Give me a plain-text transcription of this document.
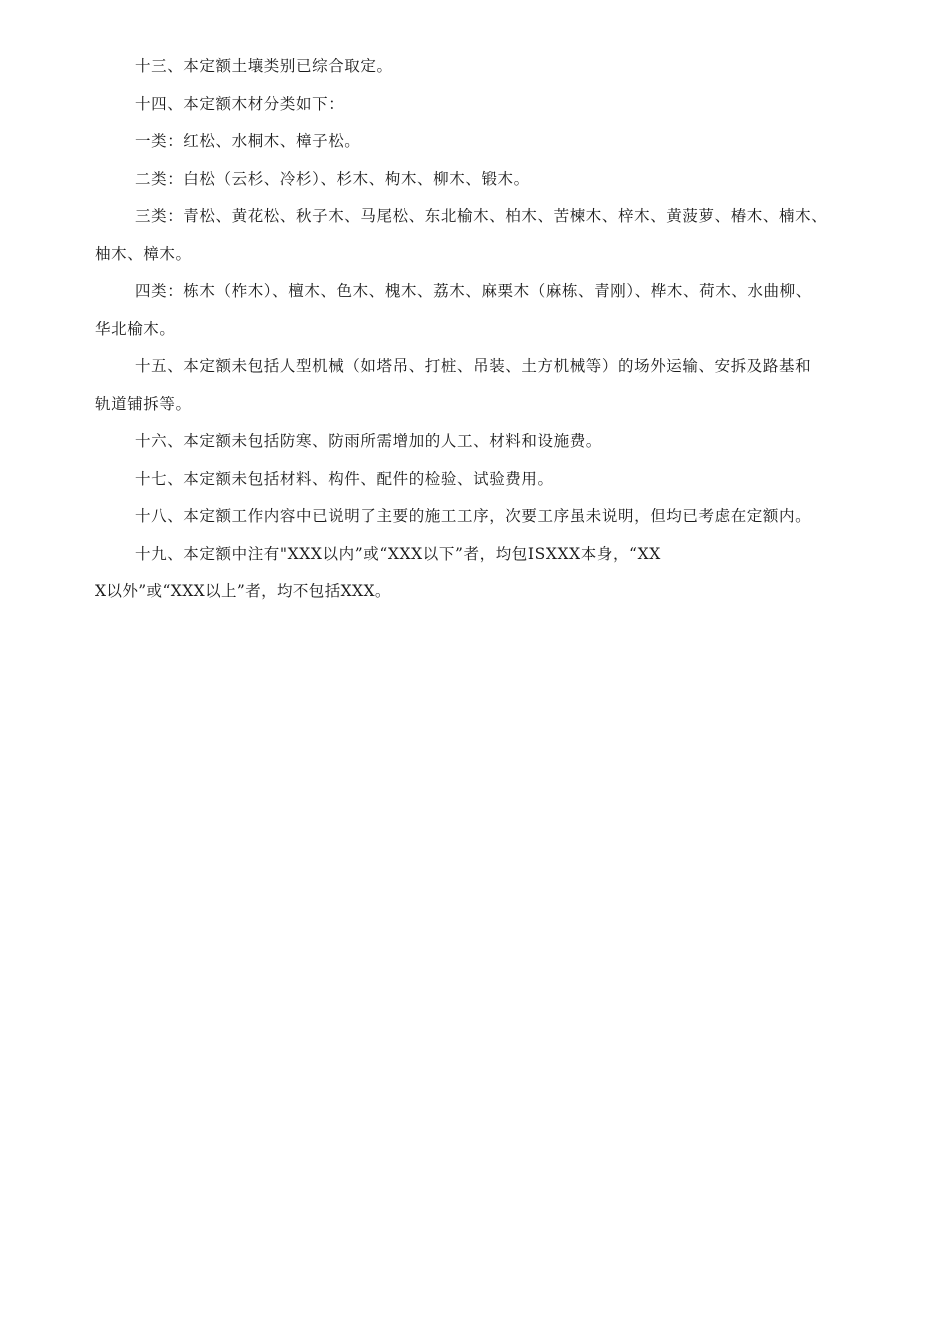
十三、本定额土壤类别已综合取定。

十四、本定额木材分类如下：

一类：红松、水桐木、樟子松。

二类：白松（云杉、冷杉）、杉木、枸木、柳木、锻木。

三类：青松、黄花松、秋子木、马尾松、东北榆木、柏木、苦楝木、梓木、黄菠萝、椿木、楠木、

柚木、樟木。

四类：栋木（柞木）、檀木、色木、槐木、荔木、麻栗木（麻栋、青刚）、桦木、荷木、水曲柳、

华北榆木。

十五、本定额未包括人型机械（如塔吊、打桩、吊装、土方机械等）的场外运输、安拆及路基和

轨道铺拆等。

十六、本定额未包括防寒、防雨所需增加的人工、材料和设施费。

十七、本定额未包括材料、构件、配件的检验、试验费用。

十八、本定额工作内容中已说明了主要的施工工序，次要工序虽未说明，但均已考虑在定额内。

十九、本定额中注有"XXX以内”或“XXX以下”者，均包ISXXX本身，“XX

X以外”或“XXX以上”者，均不包括XXX。
